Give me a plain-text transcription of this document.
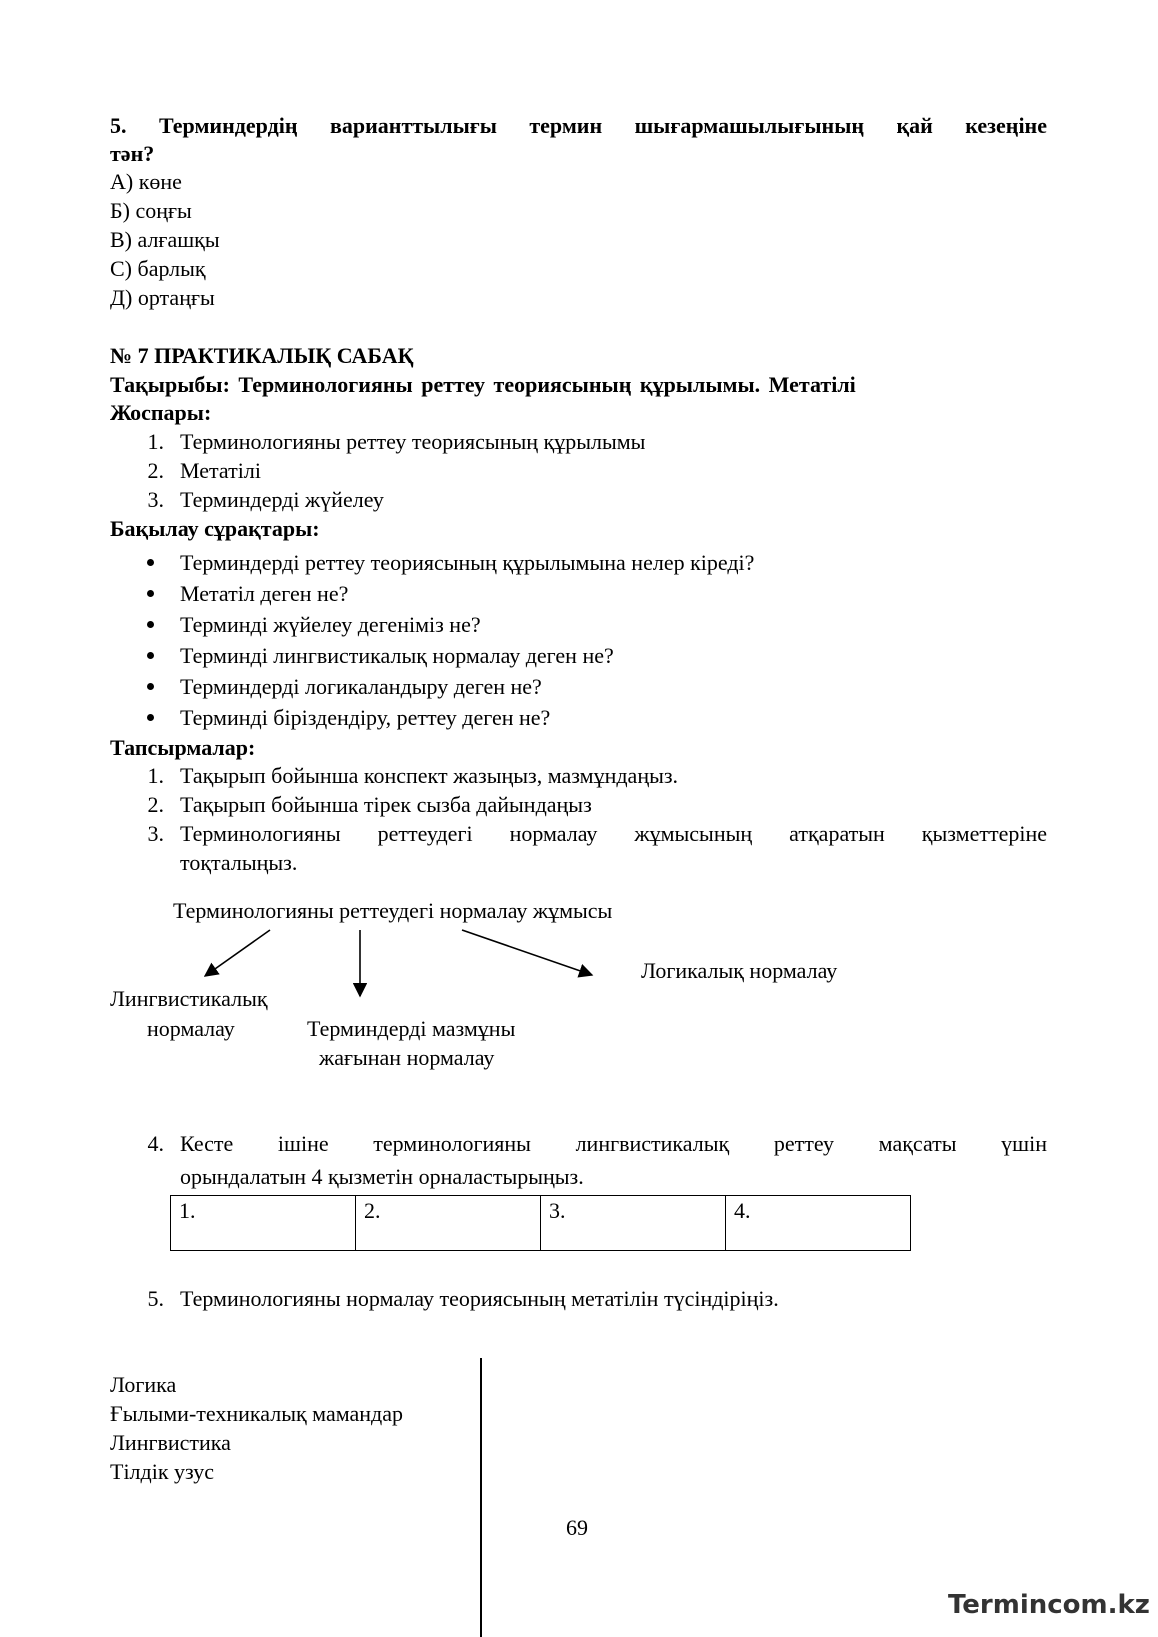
5. Терминдердің варианттылығы термин шығармашылығының қай кезеңіне
тән?
А) көне
Б) соңғы
В) алғашқы
С) барлық
Д) ортаңғы
№ 7 ПРАКТИКАЛЫҚ САБАҚ
Тақырыбы: Терминологияны реттеу теориясының құрылымы. Метатілі
Жоспары:
1. Терминологияны реттеу теориясының құрылымы
2. Метатілі
3. Терминдерді жүйелеу
Бақылау сұрақтары:
Терминдерді реттеу теориясының құрылымына нелер кіреді?
Метатіл деген не?
Терминді жүйелеу дегеніміз не?
Терминді лингвистикалық нормалау деген не?
Терминдерді логикаландыру деген не?
Терминді біріздендіру, реттеу деген не?
Тапсырмалар:
1. Тақырып бойынша конспект жазыңыз, мазмұндаңыз.
2. Тақырып бойынша тірек сызба дайындаңыз
3. Терминологияны реттеудегі нормалау жұмысының атқаратын қызметтеріне
тоқталыңыз.
Терминологияны реттеудегі нормалау жұмысы
Лингвистикалық
нормалау	Терминдерді мазмұны
жағынан нормалау
Логикалық нормалау
4. Кесте ішіне терминологияны лингвистикалық реттеу мақсаты үшін
орындалатын 4 қызметін орналастырыңыз.
1.	2.	3.	4.
5. Терминологияны нормалау теориясының метатілін түсіндіріңіз.
Логика
Ғылыми-техникалық мамандар
Лингвистика
Тілдік узус
69
Termincom.kz
